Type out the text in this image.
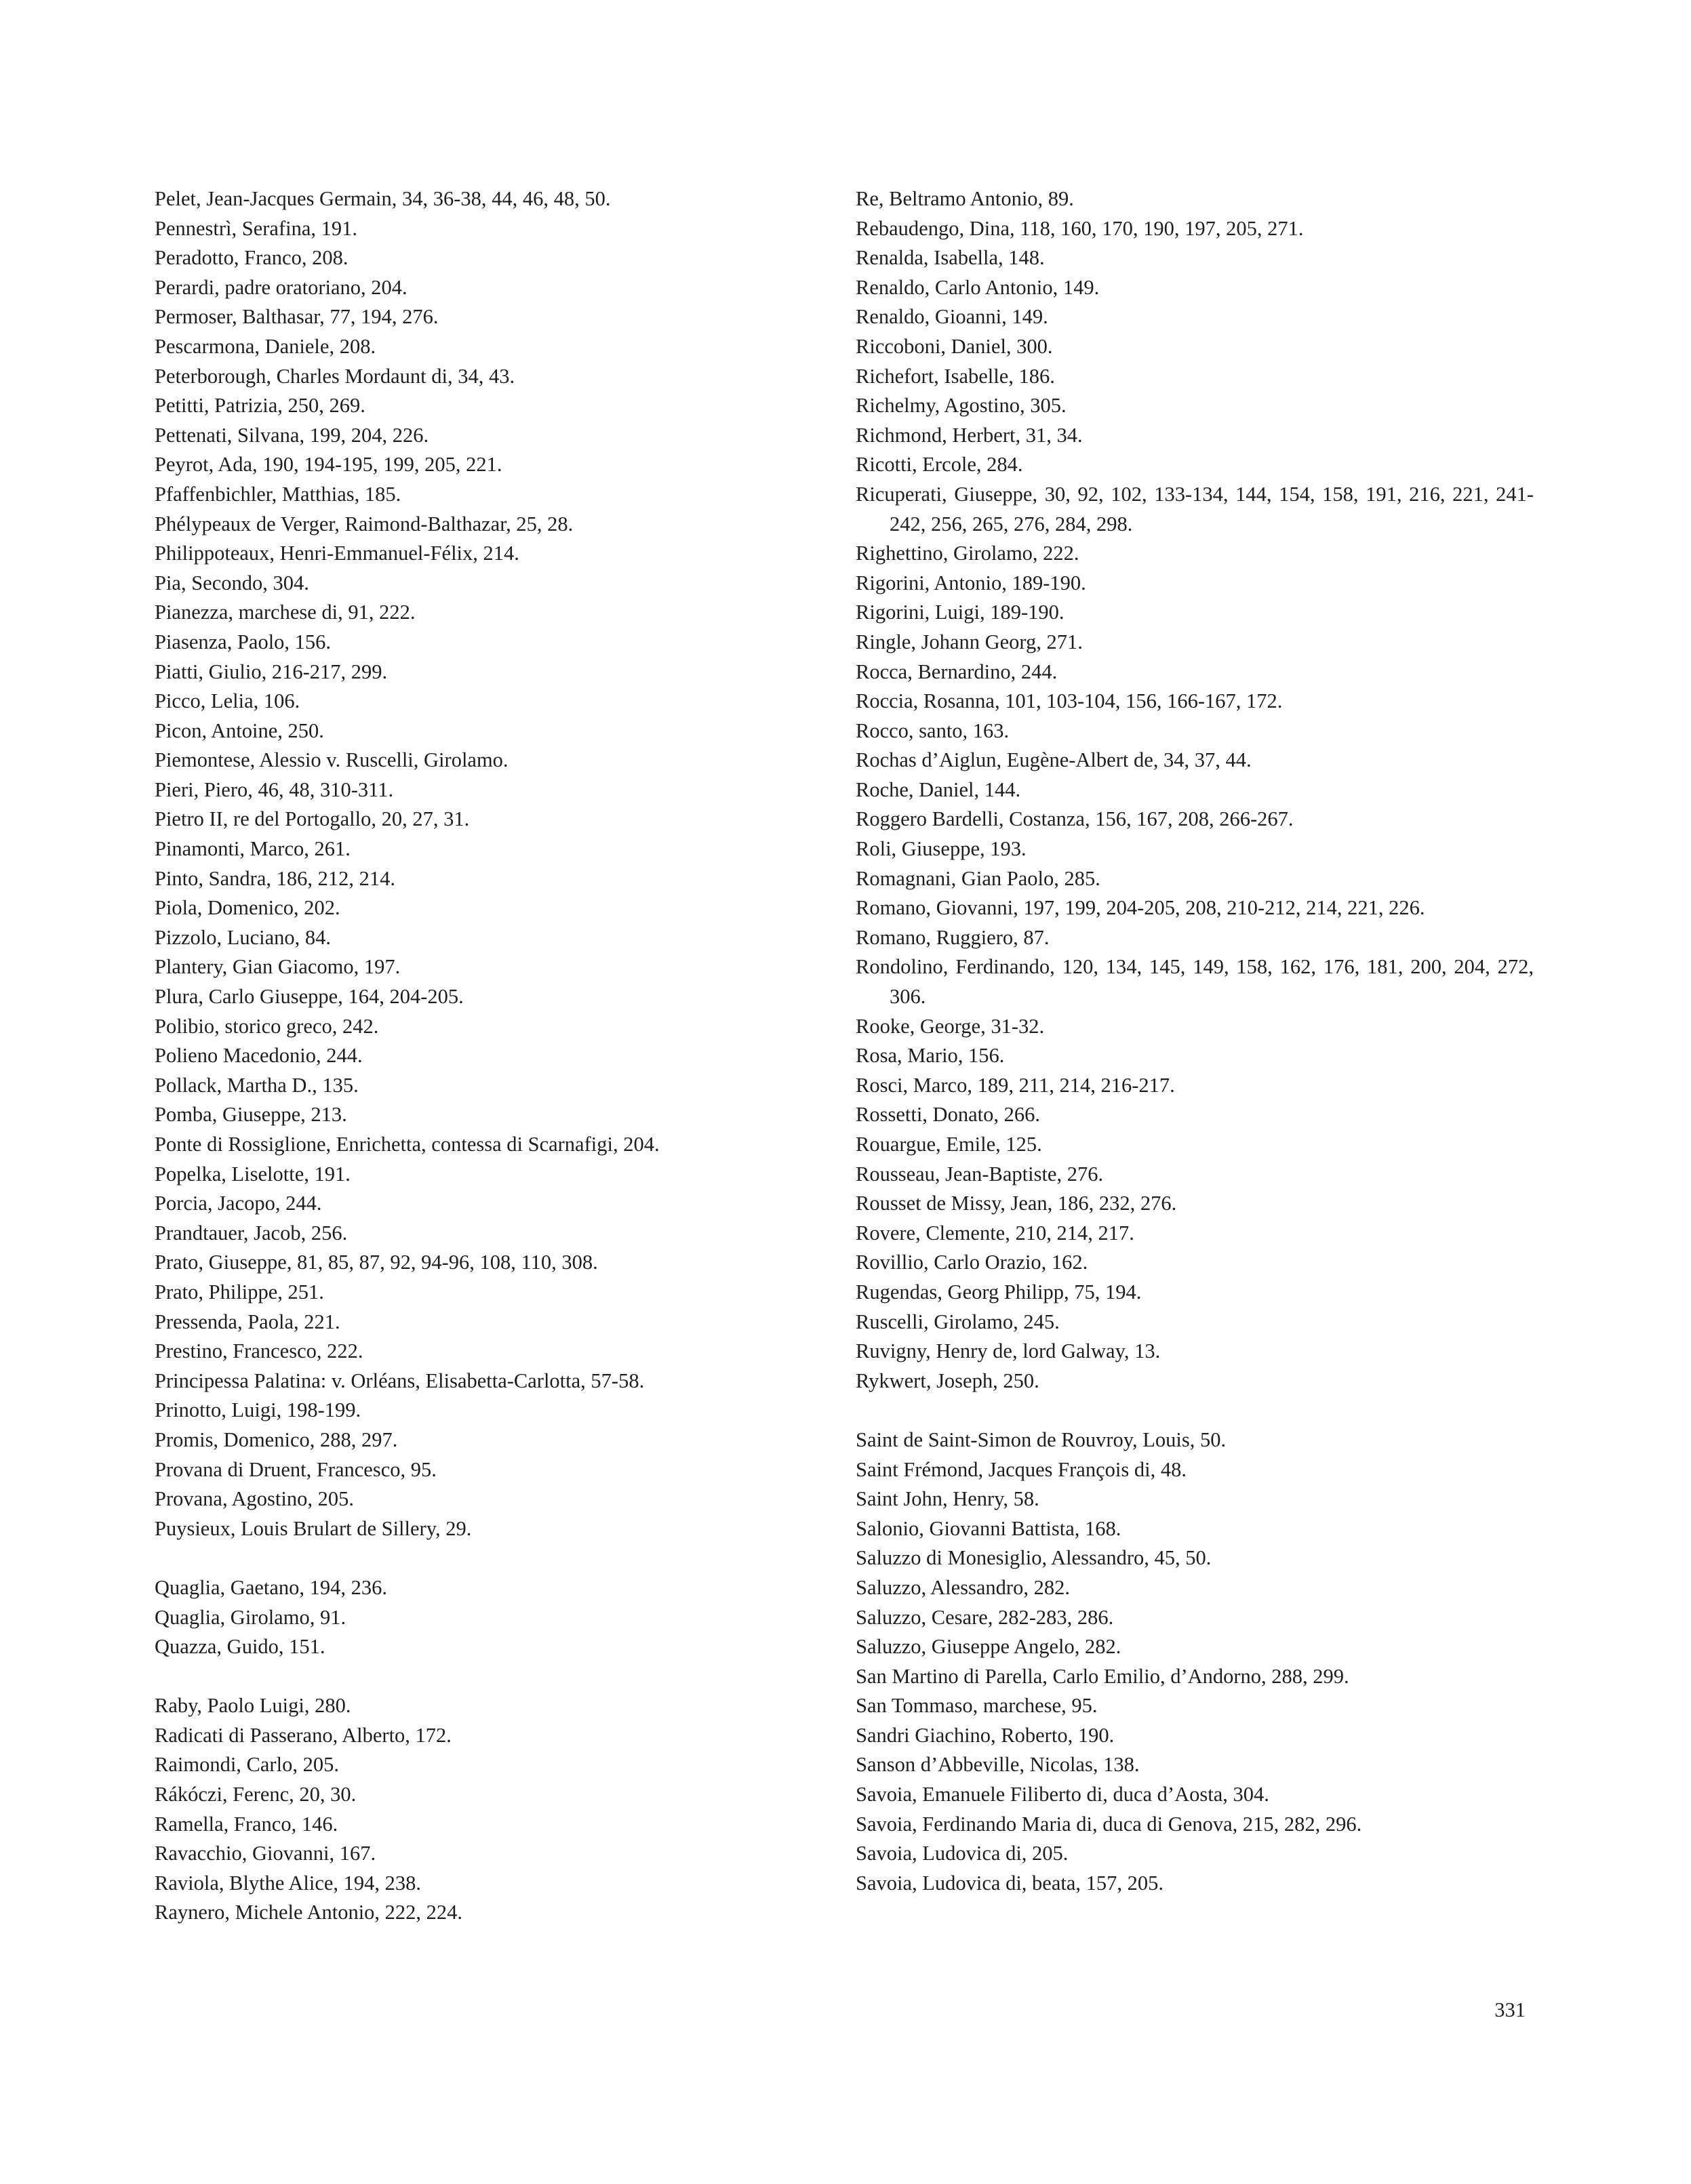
Pelet, Jean-Jacques Germain, 34, 36-38, 44, 46, 48, 50.
Pennestrì, Serafina, 191.
Peradotto, Franco, 208.
Perardi, padre oratoriano, 204.
Permoser, Balthasar, 77, 194, 276.
Pescarmona, Daniele, 208.
Peterborough, Charles Mordaunt di, 34, 43.
Petitti, Patrizia, 250, 269.
Pettenati, Silvana, 199, 204, 226.
Peyrot, Ada, 190, 194-195, 199, 205, 221.
Pfaffenbichler, Matthias, 185.
Phélypeaux de Verger, Raimond-Balthazar, 25, 28.
Philippoteaux, Henri-Emmanuel-Félix, 214.
Pia, Secondo, 304.
Pianezza, marchese di, 91, 222.
Piasenza, Paolo, 156.
Piatti, Giulio, 216-217, 299.
Picco, Lelia, 106.
Picon, Antoine, 250.
Piemontese, Alessio v. Ruscelli, Girolamo.
Pieri, Piero, 46, 48, 310-311.
Pietro II, re del Portogallo, 20, 27, 31.
Pinamonti, Marco, 261.
Pinto, Sandra, 186, 212, 214.
Piola, Domenico, 202.
Pizzolo, Luciano, 84.
Plantery, Gian Giacomo, 197.
Plura, Carlo Giuseppe, 164, 204-205.
Polibio, storico greco, 242.
Polieno Macedonio, 244.
Pollack, Martha D., 135.
Pomba, Giuseppe, 213.
Ponte di Rossiglione, Enrichetta, contessa di Scarnafigi, 204.
Popelka, Liselotte, 191.
Porcia, Jacopo, 244.
Prandtauer, Jacob, 256.
Prato, Giuseppe, 81, 85, 87, 92, 94-96, 108, 110, 308.
Prato, Philippe, 251.
Pressenda, Paola, 221.
Prestino, Francesco, 222.
Principessa Palatina: v. Orléans, Elisabetta-Carlotta, 57-58.
Prinotto, Luigi, 198-199.
Promis, Domenico, 288, 297.
Provana di Druent, Francesco, 95.
Provana, Agostino, 205.
Puysieux, Louis Brulart de Sillery, 29.
Quaglia, Gaetano, 194, 236.
Quaglia, Girolamo, 91.
Quazza, Guido, 151.
Raby, Paolo Luigi, 280.
Radicati di Passerano, Alberto, 172.
Raimondi, Carlo, 205.
Rákóczi, Ferenc, 20, 30.
Ramella, Franco, 146.
Ravacchio, Giovanni, 167.
Raviola, Blythe Alice, 194, 238.
Raynero, Michele Antonio, 222, 224.
Re, Beltramo Antonio, 89.
Rebaudengo, Dina, 118, 160, 170, 190, 197, 205, 271.
Renalda, Isabella, 148.
Renaldo, Carlo Antonio, 149.
Renaldo, Gioanni, 149.
Riccoboni, Daniel, 300.
Richefort, Isabelle, 186.
Richelmy, Agostino, 305.
Richmond, Herbert, 31, 34.
Ricotti, Ercole, 284.
Ricuperati, Giuseppe, 30, 92, 102, 133-134, 144, 154, 158, 191, 216, 221, 241-242, 256, 265, 276, 284, 298.
Righettino, Girolamo, 222.
Rigorini, Antonio, 189-190.
Rigorini, Luigi, 189-190.
Ringle, Johann Georg, 271.
Rocca, Bernardino, 244.
Roccia, Rosanna, 101, 103-104, 156, 166-167, 172.
Rocco, santo, 163.
Rochas d’Aiglun, Eugène-Albert de, 34, 37, 44.
Roche, Daniel, 144.
Roggero Bardelli, Costanza, 156, 167, 208, 266-267.
Roli, Giuseppe, 193.
Romagnani, Gian Paolo, 285.
Romano, Giovanni, 197, 199, 204-205, 208, 210-212, 214, 221, 226.
Romano, Ruggiero, 87.
Rondolino, Ferdinando, 120, 134, 145, 149, 158, 162, 176, 181, 200, 204, 272, 306.
Rooke, George, 31-32.
Rosa, Mario, 156.
Rosci, Marco, 189, 211, 214, 216-217.
Rossetti, Donato, 266.
Rouargue, Emile, 125.
Rousseau, Jean-Baptiste, 276.
Rousset de Missy, Jean, 186, 232, 276.
Rovere, Clemente, 210, 214, 217.
Rovillio, Carlo Orazio, 162.
Rugendas, Georg Philipp, 75, 194.
Ruscelli, Girolamo, 245.
Ruvigny, Henry de, lord Galway, 13.
Rykwert, Joseph, 250.
Saint de Saint-Simon de Rouvroy, Louis, 50.
Saint Frémond, Jacques François di, 48.
Saint John, Henry, 58.
Salonio, Giovanni Battista, 168.
Saluzzo di Monesiglio, Alessandro, 45, 50.
Saluzzo, Alessandro, 282.
Saluzzo, Cesare, 282-283, 286.
Saluzzo, Giuseppe Angelo, 282.
San Martino di Parella, Carlo Emilio, d’Andorno, 288, 299.
San Tommaso, marchese, 95.
Sandri Giachino, Roberto, 190.
Sanson d’Abbeville, Nicolas, 138.
Savoia, Emanuele Filiberto di, duca d’Aosta, 304.
Savoia, Ferdinando Maria di, duca di Genova, 215, 282, 296.
Savoia, Ludovica di, 205.
Savoia, Ludovica di, beata, 157, 205.
331
